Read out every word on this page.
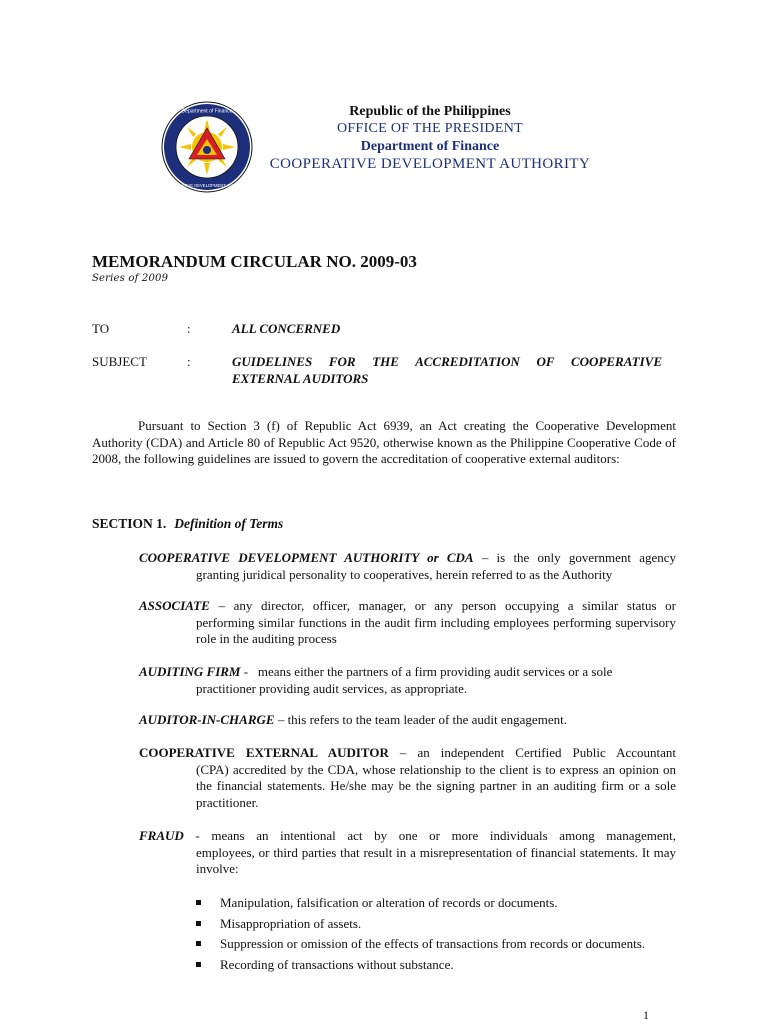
Department of Finance
COOPERATIVE DEVELOPMENT AUTHORITY
Republic of the Philippines
OFFICE OF THE PRESIDENT
Department of Finance
COOPERATIVE DEVELOPMENT AUTHORITY
MEMORANDUM CIRCULAR NO. 2009-03
Series of 2009
TO	:	ALL CONCERNED
SUBJECT	:	GUIDELINES FOR THE ACCREDITATION OF COOPERATIVE EXTERNAL AUDITORS
Pursuant to Section 3 (f) of Republic Act 6939, an Act creating the Cooperative Development Authority (CDA) and Article 80 of Republic Act 9520, otherwise known as the Philippine Cooperative Code of 2008, the following guidelines are issued to govern the accreditation of cooperative external auditors:
SECTION 1. Definition of Terms
COOPERATIVE DEVELOPMENT AUTHORITY or CDA – is the only government agency
granting juridical personality to cooperatives, herein referred to as the Authority
ASSOCIATE – any director, officer, manager, or any person occupying a similar status or
performing similar functions in the audit firm including employees performing supervisory role in the auditing process
AUDITING FIRM -   means either the partners of a firm providing audit services or a sole
practitioner providing audit services, as appropriate.
AUDITOR-IN-CHARGE – this refers to the team leader of the audit engagement.
COOPERATIVE EXTERNAL AUDITOR – an independent Certified Public Accountant
(CPA) accredited by the CDA, whose relationship to the client is to express an opinion on the financial statements. He/she may be the signing partner in an auditing firm or a sole practitioner.
FRAUD - means an intentional act by one or more individuals among management,
employees, or third parties that result in a misrepresentation of financial statements. It may involve:
Manipulation, falsification or alteration of records or documents.
Misappropriation of assets.
Suppression or omission of the effects of transactions from records or documents.
Recording of transactions without substance.
1
